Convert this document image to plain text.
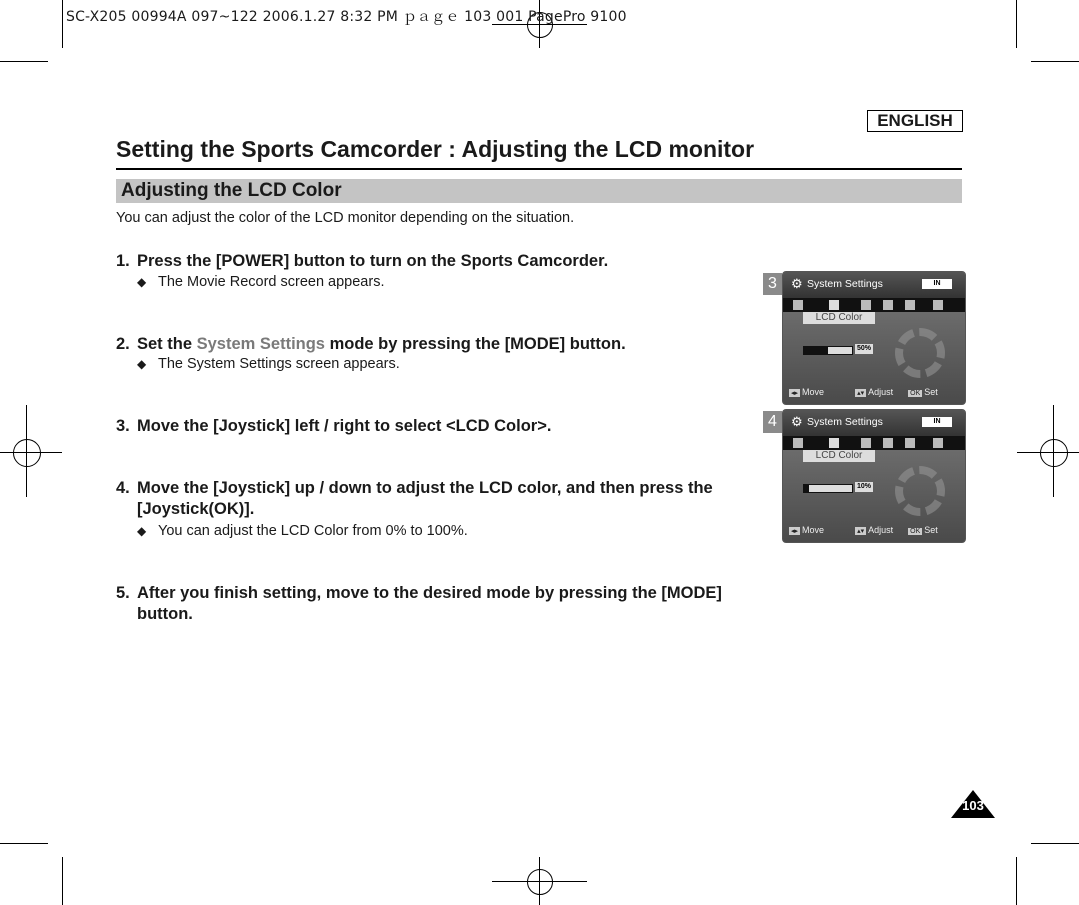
SC-X205 00994A 097~122 2006.1.27 8:32 PM ｐａｇｅ 103 001 PagePro 9100
ENGLISH
Setting the Sports Camcorder : Adjusting the LCD monitor
Adjusting the LCD Color
You can adjust the color of the LCD monitor depending on the situation.
1. Press the [POWER] button to turn on the Sports Camcorder.
◆ The Movie Record screen appears.
2. Set the System Settings mode by pressing the [MODE] button.
◆ The System Settings screen appears.
3. Move the [Joystick] left / right to select <LCD Color>.
4. Move the [Joystick] up / down to adjust the LCD color, and then press the
[Joystick(OK)].
◆ You can adjust the LCD Color from 0% to 100%.
5. After you finish setting, move to the desired mode by pressing the [MODE]
button.
3	⚙ System Settings	IN
LCD Color
50%
◂▸ Move	▴▾ Adjust OK Set
4	⚙ System Settings	IN
LCD Color
10%
◂▸ Move	▴▾ Adjust OK Set
103
